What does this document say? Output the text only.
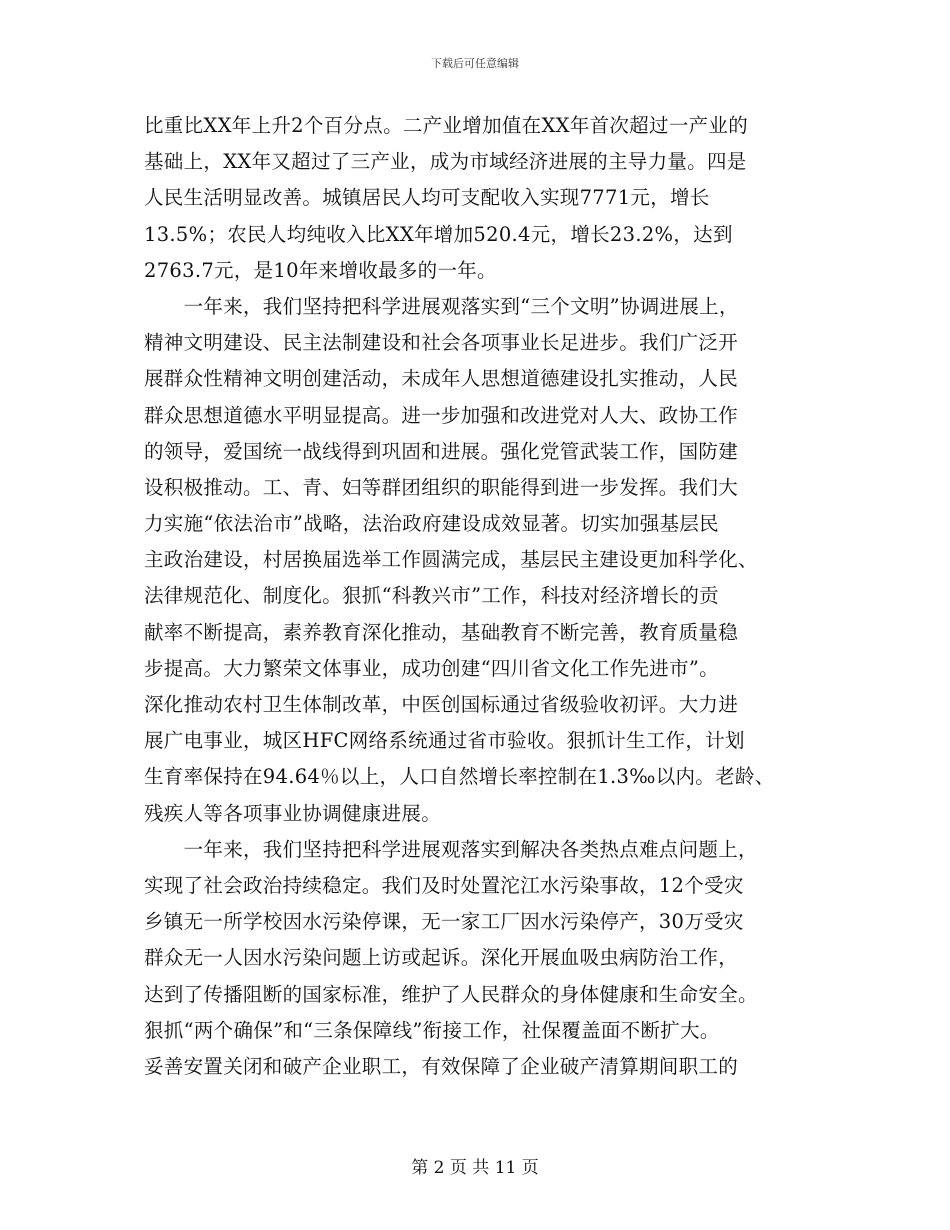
下载后可任意编辑
比重比XX年上升2个百分点。二产业增加值在XX年首次超过一产业的
基础上，XX年又超过了三产业，成为市域经济进展的主导力量。四是
人民生活明显改善。城镇居民人均可支配收入实现7771元，增长
13.5%；农民人均纯收入比XX年增加520.4元，增长23.2%，达到
2763.7元，是10年来增收最多的一年。
　　一年来，我们坚持把科学进展观落实到“三个文明”协调进展上，
精神文明建设、民主法制建设和社会各项事业长足进步。我们广泛开
展群众性精神文明创建活动，未成年人思想道德建设扎实推动，人民
群众思想道德水平明显提高。进一步加强和改进党对人大、政协工作
的领导，爱国统一战线得到巩固和进展。强化党管武装工作，国防建
设积极推动。工、青、妇等群团组织的职能得到进一步发挥。我们大
力实施“依法治市”战略，法治政府建设成效显著。切实加强基层民
主政治建设，村居换届选举工作圆满完成，基层民主建设更加科学化、
法律规范化、制度化。狠抓“科教兴市”工作，科技对经济增长的贡
献率不断提高，素养教育深化推动，基础教育不断完善，教育质量稳
步提高。大力繁荣文体事业，成功创建“四川省文化工作先进市”。
深化推动农村卫生体制改革，中医创国标通过省级验收初评。大力进
展广电事业，城区HFC网络系统通过省市验收。狠抓计生工作，计划
生育率保持在94.64％以上，人口自然增长率控制在1.3‰以内。老龄、
残疾人等各项事业协调健康进展。
　　一年来，我们坚持把科学进展观落实到解决各类热点难点问题上，
实现了社会政治持续稳定。我们及时处置沱江水污染事故，12个受灾
乡镇无一所学校因水污染停课，无一家工厂因水污染停产，30万受灾
群众无一人因水污染问题上访或起诉。深化开展血吸虫病防治工作，
达到了传播阻断的国家标准，维护了人民群众的身体健康和生命安全。
狠抓“两个确保”和“三条保障线”衔接工作，社保覆盖面不断扩大。
妥善安置关闭和破产企业职工，有效保障了企业破产清算期间职工的
第 2 页 共 11 页
